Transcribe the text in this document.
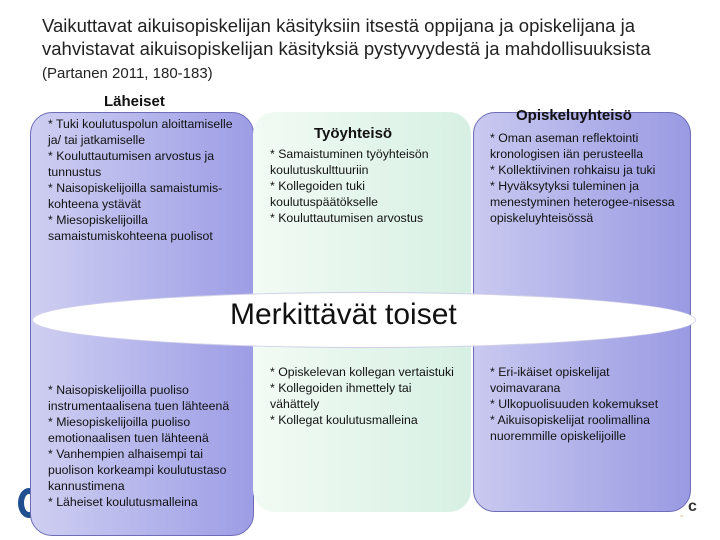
Vaikuttavat aikuisopiskelijan käsityksiin itsestä oppijana ja opiskelijana ja vahvistavat aikuisopiskelijan käsityksiä pystyvyydestä ja mahdollisuuksista (Partanen 2011, 180-183)
c
~
Läheiset
Työyhteisö
Opiskeluyhteisö
* Tuki koulutuspolun aloittamiselle ja/ tai jatkamiselle
* Kouluttautumisen arvostus ja tunnustus
* Naisopiskelijoilla samaistumis- kohteena ystävät
* Miesopiskelijoilla samaistumiskohteena puolisot
* Samaistuminen työyhteisön koulutuskulttuuriin
* Kollegoiden tuki koulutuspäätökselle
* Kouluttautumisen arvostus
* Oman aseman reflektointi kronologisen iän perusteella
* Kollektiivinen rohkaisu ja tuki
* Hyväksytyksi tuleminen ja menestyminen heterogee-nisessa opiskeluyhteisössä
Merkittävät toiset
* Naisopiskelijoilla puoliso instrumentaalisena tuen lähteenä
* Miesopiskelijoilla puoliso emotionaalisen tuen lähteenä
* Vanhempien alhaisempi tai puolison korkeampi koulutustaso kannustimena
* Läheiset koulutusmalleina
* Opiskelevan kollegan vertaistuki
* Kollegoiden ihmettely tai vähättely
* Kollegat koulutusmalleina
* Eri-ikäiset opiskelijat voimavarana
* Ulkopuolisuuden kokemukset
* Aikuisopiskelijat roolimallina nuoremmille opiskelijoille
